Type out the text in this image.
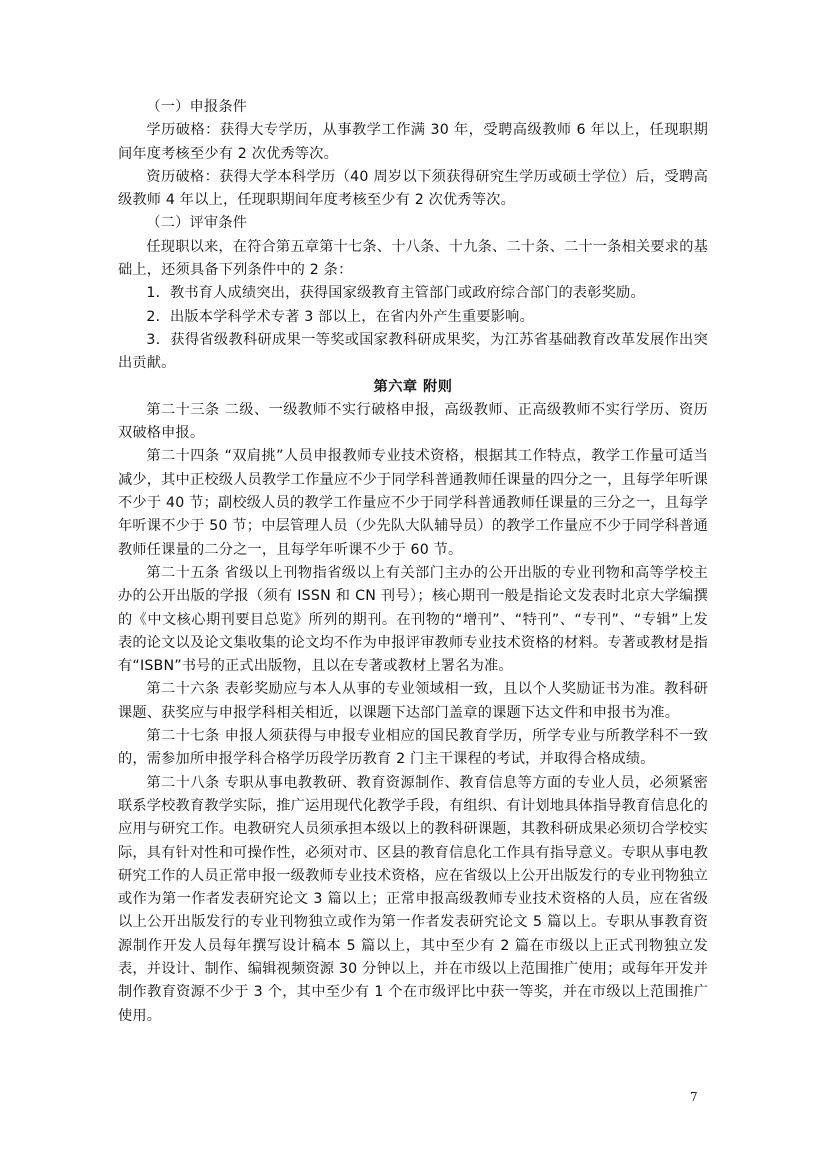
（一）申报条件

学历破格：获得大专学历，从事教学工作满 30 年，受聘高级教师 6 年以上，任现职期间年度考核至少有 2 次优秀等次。

资历破格：获得大学本科学历（40 周岁以下须获得研究生学历或硕士学位）后，受聘高级教师 4 年以上，任现职期间年度考核至少有 2 次优秀等次。

（二）评审条件

任现职以来，在符合第五章第十七条、十八条、十九条、二十条、二十一条相关要求的基础上，还须具备下列条件中的 2 条：

1．教书育人成绩突出，获得国家级教育主管部门或政府综合部门的表彰奖励。

2．出版本学科学术专著 3 部以上，在省内外产生重要影响。

3．获得省级教科研成果一等奖或国家教科研成果奖，为江苏省基础教育改革发展作出突出贡献。

第六章 附则

第二十三条 二级、一级教师不实行破格申报，高级教师、正高级教师不实行学历、资历双破格申报。

第二十四条 “双肩挑”人员申报教师专业技术资格，根据其工作特点，教学工作量可适当减少，其中正校级人员教学工作量应不少于同学科普通教师任课量的四分之一，且每学年听课不少于 40 节；副校级人员的教学工作量应不少于同学科普通教师任课量的三分之一，且每学年听课不少于 50 节；中层管理人员（少先队大队辅导员）的教学工作量应不少于同学科普通教师任课量的二分之一，且每学年听课不少于 60 节。

第二十五条 省级以上刊物指省级以上有关部门主办的公开出版的专业刊物和高等学校主办的公开出版的学报（须有 ISSN 和 CN 刊号）；核心期刊一般是指论文发表时北京大学编撰的《中文核心期刊要目总览》所列的期刊。在刊物的“增刊”、“特刊”、“专刊”、“专辑”上发表的论文以及论文集收集的论文均不作为申报评审教师专业技术资格的材料。专著或教材是指有“ISBN”书号的正式出版物，且以在专著或教材上署名为准。

第二十六条 表彰奖励应与本人从事的专业领域相一致，且以个人奖励证书为准。教科研课题、获奖应与申报学科相关相近，以课题下达部门盖章的课题下达文件和申报书为准。

第二十七条 申报人须获得与申报专业相应的国民教育学历，所学专业与所教学科不一致的，需参加所申报学科合格学历段学历教育 2 门主干课程的考试，并取得合格成绩。

第二十八条 专职从事电教教研、教育资源制作、教育信息等方面的专业人员，必须紧密联系学校教育教学实际，推广运用现代化教学手段，有组织、有计划地具体指导教育信息化的应用与研究工作。电教研究人员须承担本级以上的教科研课题，其教科研成果必须切合学校实际，具有针对性和可操作性，必须对市、区县的教育信息化工作具有指导意义。专职从事电教研究工作的人员正常申报一级教师专业技术资格，应在省级以上公开出版发行的专业刊物独立或作为第一作者发表研究论文 3 篇以上；正常申报高级教师专业技术资格的人员，应在省级以上公开出版发行的专业刊物独立或作为第一作者发表研究论文 5 篇以上。专职从事教育资源制作开发人员每年撰写设计稿本 5 篇以上，其中至少有 2 篇在市级以上正式刊物独立发表，并设计、制作、编辑视频资源 30 分钟以上，并在市级以上范围推广使用；或每年开发并制作教育资源不少于 3 个，其中至少有 1 个在市级评比中获一等奖，并在市级以上范围推广使用。

7
